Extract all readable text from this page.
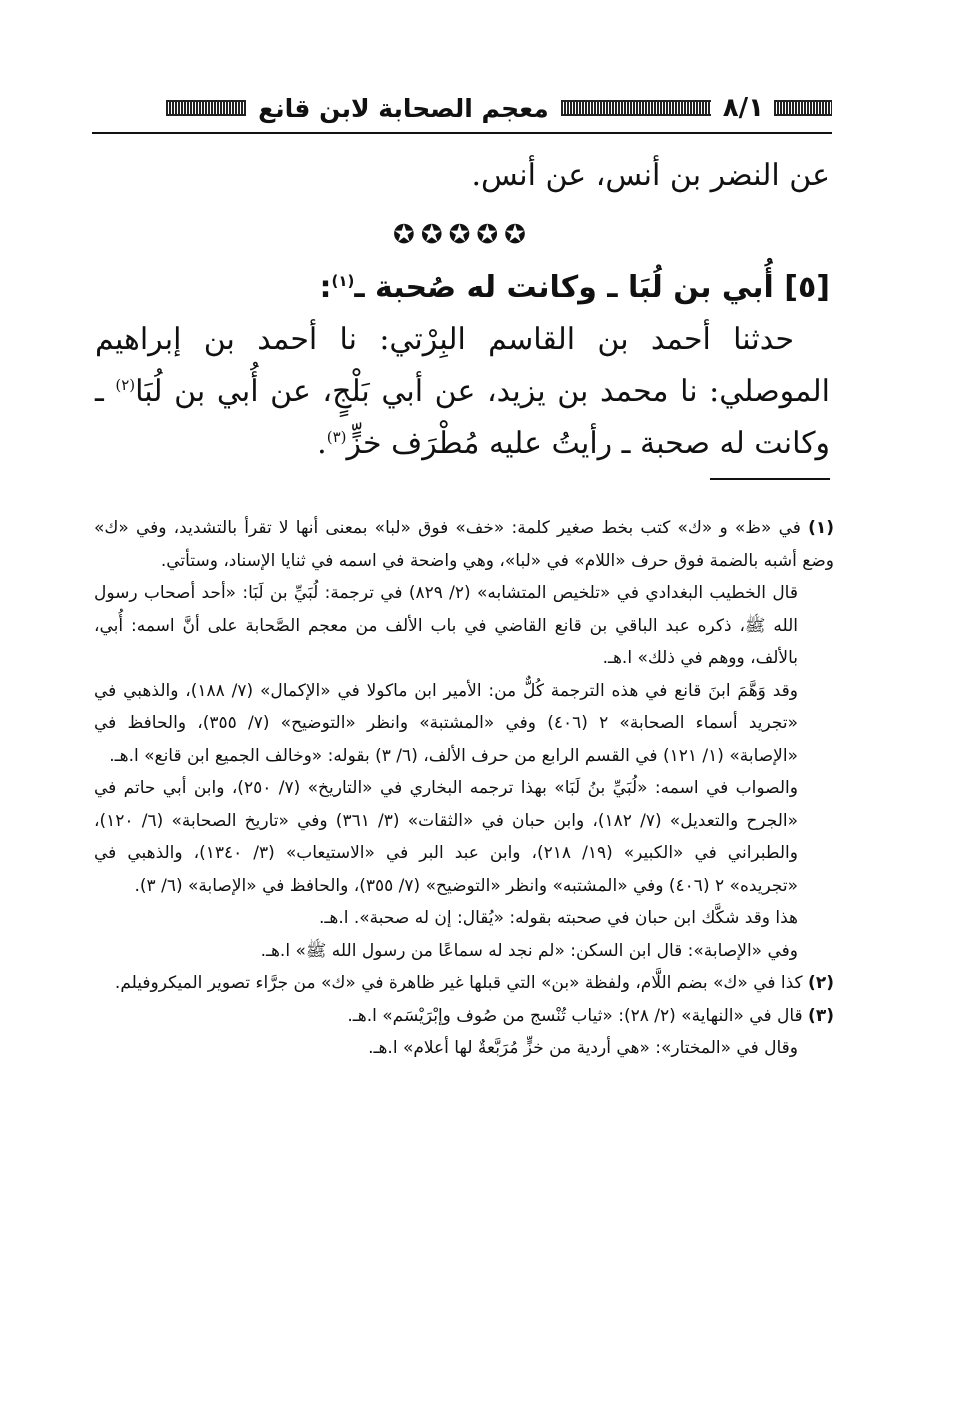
٨/١
معجم الصحابة لابن قانع

عن النضر بن أنس، عن أنس.

✪✪✪✪✪

[٥] أُبي بن لُبَا ـ وكانت له صُحبة ـ$^{(١)}$:

حدثنا أحمد بن القاسم البِرْتي: نا أحمد بن إبراهيم الموصلي: نا محمد بن يزيد، عن أبي بَلْجٍ، عن أُبي بن لُبَا$^{(٢)}$ ـ وكانت له صحبة ـ رأيتُ عليه مُطْرَف خزٍّ$^{(٣)}$.

(١) في «ظ» و «ك» كتب بخط صغير كلمة: «خف» فوق «لبا» بمعنى أنها لا تقرأ بالتشديد، وفي «ك» وضع أشبه بالضمة فوق حرف «اللام» في «لبا»، وهي واضحة في اسمه في ثنايا الإسناد، وستأتي.

قال الخطيب البغدادي في «تلخيص المتشابه» (٢/ ٨٢٩) في ترجمة: لُبَيِّ بن لَبَا: «أحد أصحاب رسول الله ﷺ، ذكره عبد الباقي بن قانع القاضي في باب الألف من معجم الصَّحابة على أنَّ اسمه: أُبي، بالألف، ووهم في ذلك» ا.هـ.

وقد وَهَّمَ ابنَ قانع في هذه الترجمة كُلٌّ من: الأمير ابن ماكولا في «الإكمال» (٧/ ١٨٨)، والذهبي في «تجريد أسماء الصحابة» ٢ (٤٠٦) وفي «المشتبة» وانظر «التوضيح» (٧/ ٣٥٥)، والحافظ في «الإصابة» (١/ ١٢١) في القسم الرابع من حرف الألف، (٦/ ٣) بقوله: «وخالف الجميع ابن قانع» ا.هـ.

والصواب في اسمه: «لُبَيِّ بنُ لَبَا» بهذا ترجمه البخاري في «التاريخ» (٧/ ٢٥٠)، وابن أبي حاتم في «الجرح والتعديل» (٧/ ١٨٢)، وابن حبان في «الثقات» (٣/ ٣٦١) وفي «تاريخ الصحابة» (٦/ ١٢٠)، والطبراني في «الكبير» (١٩/ ٢١٨)، وابن عبد البر في «الاستيعاب» (٣/ ١٣٤٠)، والذهبي في «تجريده» ٢ (٤٠٦) وفي «المشتبه» وانظر «التوضيح» (٧/ ٣٥٥)، والحافظ في «الإصابة» (٦/ ٣).

هذا وقد شكَّك ابن حبان في صحبته بقوله: «يُقال: إن له صحبة». ا.هـ.

وفي «الإصابة»: قال ابن السكن: «لم نجد له سماعًا من رسول الله ﷺ» ا.هـ.

(٢) كذا في «ك» بضم اللَّام، ولفظة «بن» التي قبلها غير ظاهرة في «ك» من جرَّاء تصوير الميكروفيلم.

(٣) قال في «النهاية» (٢/ ٢٨): «ثياب تُنْسج من صُوف وإبْرَيْسَم» ا.هـ.

وقال في «المختار»: «هي أردية من خزٍّ مُرَبَّعةٌ لها أعلام» ا.هـ.
